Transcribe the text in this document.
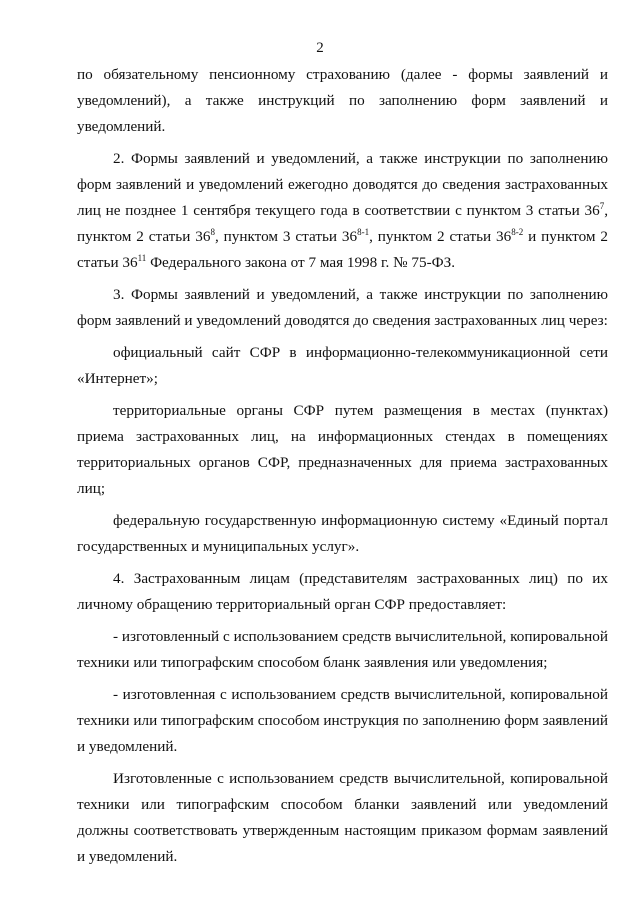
2

по обязательному пенсионному страхованию (далее - формы заявлений и уведомлений), а также инструкций по заполнению форм заявлений и уведомлений.

2. Формы заявлений и уведомлений, а также инструкции по заполнению форм заявлений и уведомлений ежегодно доводятся до сведения застрахованных лиц не позднее 1 сентября текущего года в соответствии с пунктом 3 статьи $36^7$, пунктом 2 статьи $36^8$, пунктом 3 статьи 36$^{8-1}$, пунктом 2 статьи 36$^{8-2}$ и пунктом 2 статьи $36^{11}$ Федерального закона от 7 мая 1998 г. № 75-ФЗ.

3. Формы заявлений и уведомлений, а также инструкции по заполнению форм заявлений и уведомлений доводятся до сведения застрахованных лиц через:

официальный сайт СФР в информационно-телекоммуникационной сети «Интернет»;

территориальные органы СФР путем размещения в местах (пунктах) приема застрахованных лиц, на информационных стендах в помещениях территориальных органов СФР, предназначенных для приема застрахованных лиц;

федеральную государственную информационную систему «Единый портал государственных и муниципальных услуг».

4. Застрахованным лицам (представителям застрахованных лиц) по их личному обращению территориальный орган СФР предоставляет:

- изготовленный с использованием средств вычислительной, копировальной техники или типографским способом бланк заявления или уведомления;

- изготовленная с использованием средств вычислительной, копировальной техники или типографским способом инструкция по заполнению форм заявлений и уведомлений.

Изготовленные с использованием средств вычислительной, копировальной техники или типографским способом бланки заявлений или уведомлений должны соответствовать утвержденным настоящим приказом формам заявлений и уведомлений.
